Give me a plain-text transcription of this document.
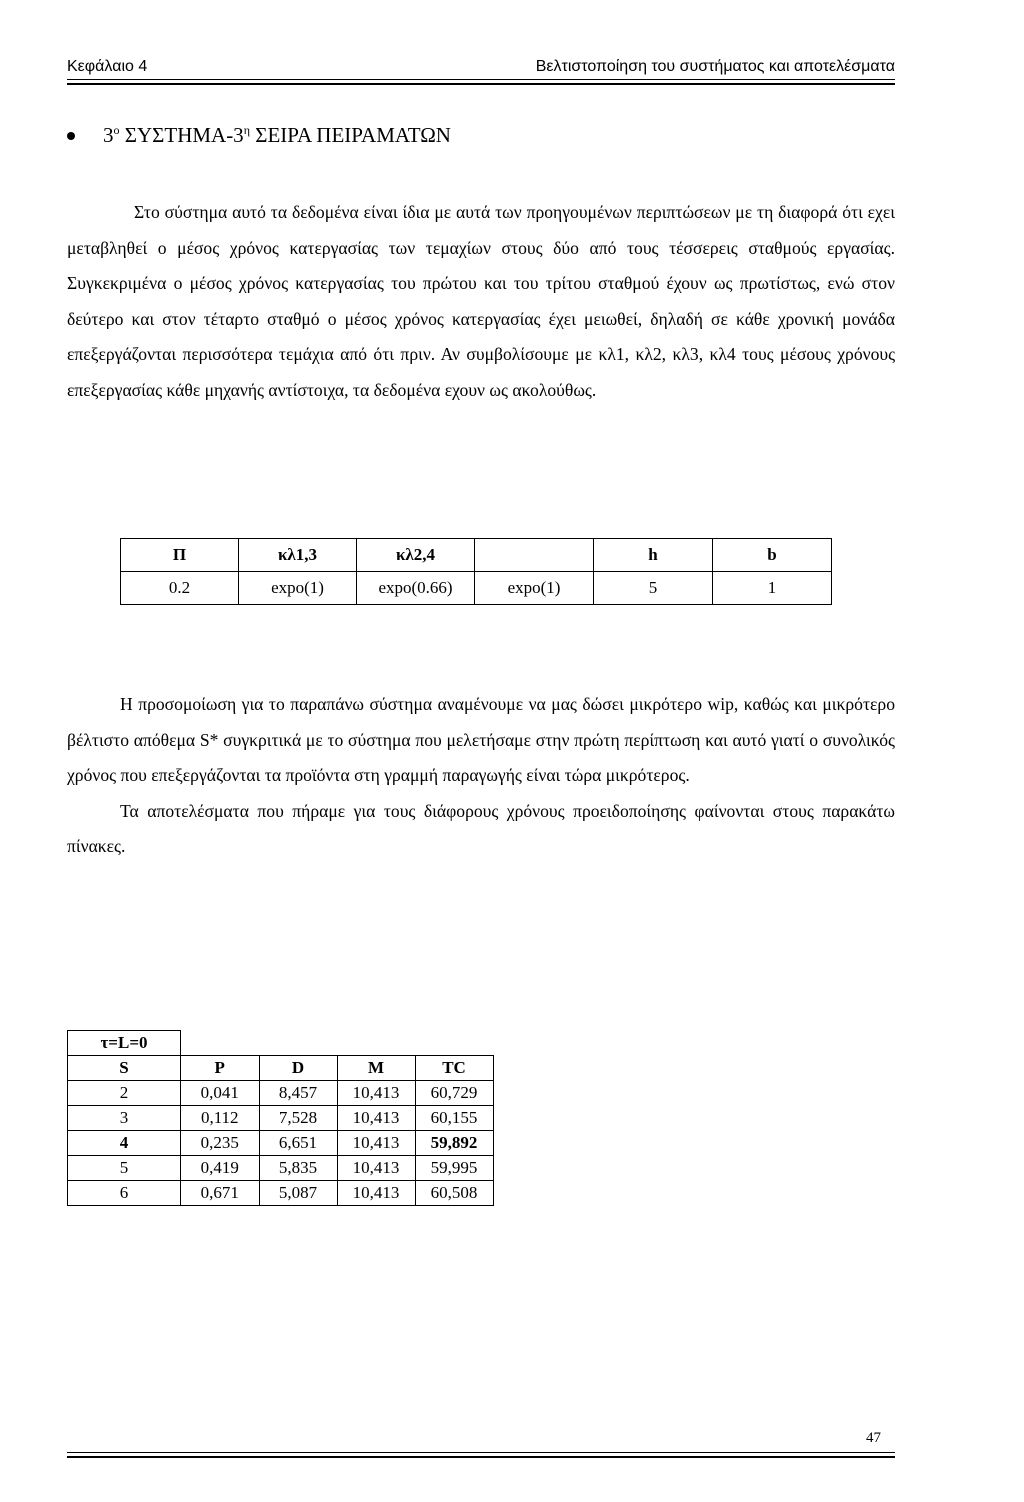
Κεφάλαιο 4	Βελτιστοποίηση του συστήματος και αποτελέσματα
$3^o$ ΣΥΣΤΗΜΑ-$3^\eta$ ΣΕΙΡΑ ΠΕΙΡΑΜΑΤΩΝ

Στο σύστημα αυτό τα δεδομένα είναι ίδια με αυτά των προηγουμένων περιπτώσεων με τη διαφορά ότι εχει μεταβληθεί ο μέσος χρόνος κατεργασίας των τεμαχίων στους δύο από τους τέσσερεις σταθμούς εργασίας. Συγκεκριμένα ο μέσος χρόνος κατεργασίας του πρώτου και του τρίτου σταθμού έχουν ως πρωτίστως, ενώ στον δεύτερο και στον τέταρτο σταθμό ο μέσος χρόνος κατεργασίας έχει μειωθεί, δηλαδή σε κάθε χρονική μονάδα επεξεργάζονται περισσότερα τεμάχια από ότι πριν. Αν συμβολίσουμε με κλ1, κλ2, κλ3, κλ4 τους μέσους χρόνους επεξεργασίας κάθε μηχανής αντίστοιχα, τα δεδομένα εχουν ως ακολούθως.

Π	κλ1,3	κλ2,4		h	b
0.2	expo(1)	expo(0.66)	expo(1)	5	1
Η προσομοίωση για το παραπάνω σύστημα αναμένουμε να μας δώσει μικρότερο wip, καθώς και μικρότερο βέλτιστο απόθεμα S* συγκριτικά με το σύστημα που μελετήσαμε στην πρώτη περίπτωση και αυτό γιατί ο συνολικός χρόνος που επεξεργάζονται τα προϊόντα στη γραμμή παραγωγής είναι τώρα μικρότερος.
Τα αποτελέσματα που πήραμε για τους διάφορους χρόνους προειδοποίησης φαίνονται στους παρακάτω πίνακες.
τ=L=0				
S	P	D	M	TC
2	0,041	8,457	10,413	60,729
3	0,112	7,528	10,413	60,155
4	0,235	6,651	10,413	59,892
5	0,419	5,835	10,413	59,995
6	0,671	5,087	10,413	60,508
47
